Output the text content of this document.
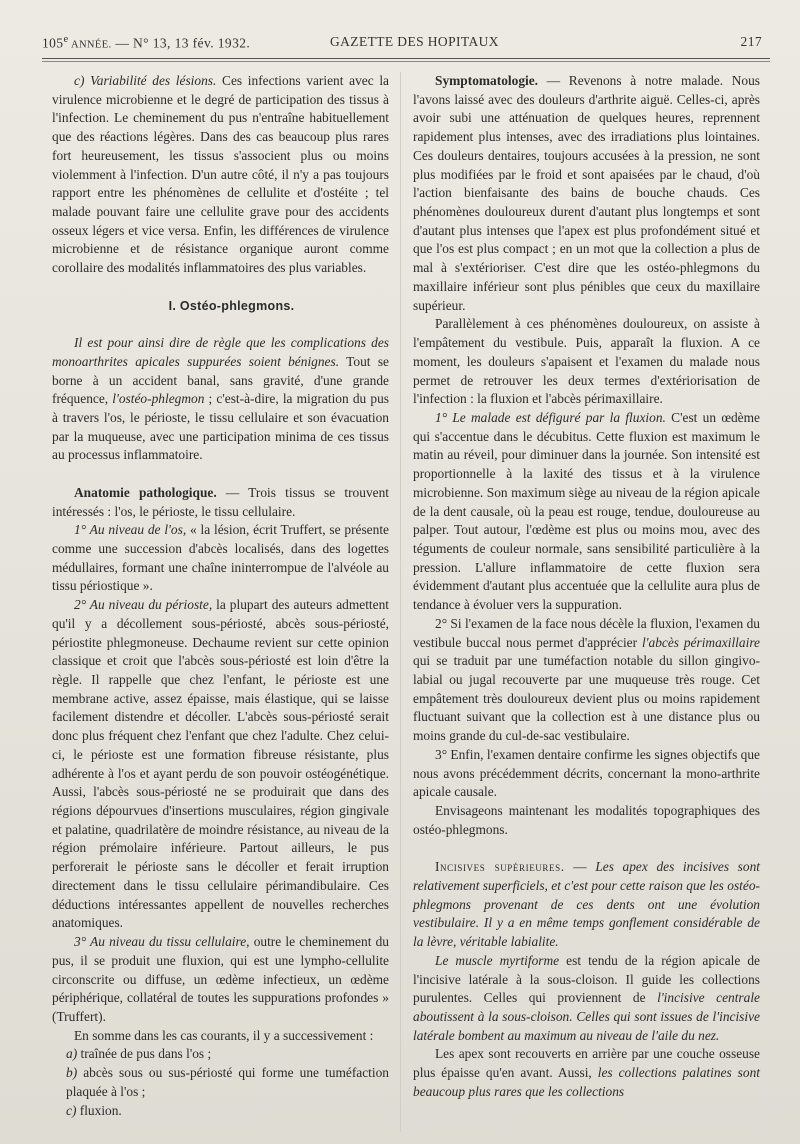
105e ANNÉE. — N° 13, 13 fév. 1932.	GAZETTE DES HOPITAUX	217

c) Variabilité des lésions. Ces infections varient avec la virulence microbienne et le degré de participation des tissus à l'infection. Le cheminement du pus n'entraîne habituellement que des réactions légères. Dans des cas beaucoup plus rares fort heureusement, les tissus s'associent plus ou moins violemment à l'infection. D'un autre côté, il n'y a pas toujours rapport entre les phénomènes de cellulite et d'ostéite ; tel malade pouvant faire une cellulite grave pour des accidents osseux légers et vice versa. Enfin, les différences de virulence microbienne et de résistance organique auront comme corollaire des modalités inflammatoires des plus variables.

I. Ostéo-phlegmons.

Il est pour ainsi dire de règle que les complications des monoarthrites apicales suppurées soient bénignes. Tout se borne à un accident banal, sans gravité, d'une grande fréquence, l'ostéo-phlegmon ; c'est-à-dire, la migration du pus à travers l'os, le périoste, le tissu cellulaire et son évacuation par la muqueuse, avec une participation minima de ces tissus au processus inflammatoire.

Anatomie pathologique. — Trois tissus se trouvent intéressés : l'os, le périoste, le tissu cellulaire.

1° Au niveau de l'os, « la lésion, écrit Truffert, se présente comme une succession d'abcès localisés, dans des logettes médullaires, formant une chaîne ininterrompue de l'alvéole au tissu périostique ».

2° Au niveau du périoste, la plupart des auteurs admettent qu'il y a décollement sous-périosté, abcès sous-périosté, périostite phlegmoneuse. Dechaume revient sur cette opinion classique et croit que l'abcès sous-périosté est loin d'être la règle. Il rappelle que chez l'enfant, le périoste est une membrane active, assez épaisse, mais élastique, qui se laisse facilement distendre et décoller. L'abcès sous-périosté serait donc plus fréquent chez l'enfant que chez l'adulte. Chez celui-ci, le périoste est une formation fibreuse résistante, plus adhérente à l'os et ayant perdu de son pouvoir ostéogénétique. Aussi, l'abcès sous-périosté ne se produirait que dans des régions dépourvues d'insertions musculaires, région gingivale et palatine, quadrilatère de moindre résistance, au niveau de la région prémolaire inférieure. Partout ailleurs, le pus perforerait le périoste sans le décoller et ferait irruption directement dans le tissu cellulaire périmandibulaire. Ces déductions intéressantes appellent de nouvelles recherches anatomiques.

3° Au niveau du tissu cellulaire, outre le cheminement du pus, il se produit une fluxion, qui est une lympho-cellulite circonscrite ou diffuse, un œdème infectieux, un œdème périphérique, collatéral de toutes les suppurations profondes » (Truffert).

En somme dans les cas courants, il y a successivement :

a) traînée de pus dans l'os ;

b) abcès sous ou sus-périosté qui forme une tuméfaction plaquée à l'os ;

c) fluxion.

Symptomatologie. — Revenons à notre malade. Nous l'avons laissé avec des douleurs d'arthrite aiguë. Celles-ci, après avoir subi une atténuation de quelques heures, reprennent rapidement plus intenses, avec des irradiations plus lointaines. Ces douleurs dentaires, toujours accusées à la pression, ne sont plus modifiées par le froid et sont apaisées par le chaud, d'où l'action bienfaisante des bains de bouche chauds. Ces phénomènes douloureux durent d'autant plus longtemps et sont d'autant plus intenses que l'apex est plus profondément situé et que l'os est plus compact ; en un mot que la collection a plus de mal à s'extérioriser. C'est dire que les ostéo-phlegmons du maxillaire inférieur sont plus pénibles que ceux du maxillaire supérieur.

Parallèlement à ces phénomènes douloureux, on assiste à l'empâtement du vestibule. Puis, apparaît la fluxion. A ce moment, les douleurs s'apaisent et l'examen du malade nous permet de retrouver les deux termes d'extériorisation de l'infection : la fluxion et l'abcès périmaxillaire.

1° Le malade est défiguré par la fluxion. C'est un œdème qui s'accentue dans le décubitus. Cette fluxion est maximum le matin au réveil, pour diminuer dans la journée. Son intensité est proportionnelle à la laxité des tissus et à la virulence microbienne. Son maximum siège au niveau de la région apicale de la dent causale, où la peau est rouge, tendue, douloureuse au palper. Tout autour, l'œdème est plus ou moins mou, avec des téguments de couleur normale, sans sensibilité particulière à la pression. L'allure inflammatoire de cette fluxion sera évidemment d'autant plus accentuée que la cellulite aura plus de tendance à évoluer vers la suppuration.

2° Si l'examen de la face nous décèle la fluxion, l'examen du vestibule buccal nous permet d'apprécier l'abcès périmaxillaire qui se traduit par une tuméfaction notable du sillon gingivo-labial ou jugal recouverte par une muqueuse très rouge. Cet empâtement très douloureux devient plus ou moins rapidement fluctuant suivant que la collection est à une distance plus ou moins grande du cul-de-sac vestibulaire.

3° Enfin, l'examen dentaire confirme les signes objectifs que nous avons précédemment décrits, concernant la mono-arthrite apicale causale.

Envisageons maintenant les modalités topographiques des ostéo-phlegmons.

Incisives supérieures. — Les apex des incisives sont relativement superficiels, et c'est pour cette raison que les ostéo-phlegmons provenant de ces dents ont une évolution vestibulaire. Il y a en même temps gonflement considérable de la lèvre, véritable labialite.

Le muscle myrtiforme est tendu de la région apicale de l'incisive latérale à la sous-cloison. Il guide les collections purulentes. Celles qui proviennent de l'incisive centrale aboutissent à la sous-cloison. Celles qui sont issues de l'incisive latérale bombent au maximum au niveau de l'aile du nez.

Les apex sont recouverts en arrière par une couche osseuse plus épaisse qu'en avant. Aussi, les collections palatines sont beaucoup plus rares que les collections
